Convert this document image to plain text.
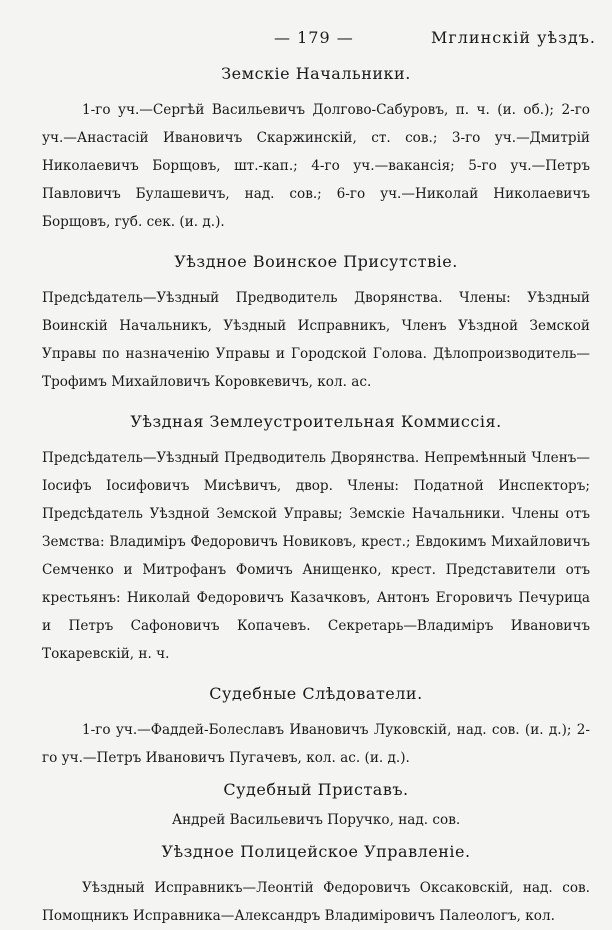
— 179 —	Мглинскій уѣздъ.
Земскіе Начальники.

1-го уч.—Сергѣй Васильевичъ Долгово-Сабуровъ, п. ч. (и. об.); 2-го уч.—Анастасій Ивановичъ Скаржинскій, ст. сов.; 3-го уч.—Дмитрій Николаевичъ Борщовъ, шт.-кап.; 4-го уч.—вакансія; 5-го уч.—Петръ Павловичъ Булашевичъ, над. сов.; 6-го уч.—Николай Николаевичъ Борщовъ, губ. сек. (и. д.).

Уѣздное Воинское Присутствіе.

Предсѣдатель—Уѣздный Предводитель Дворянства. Члены: Уѣздный Воинскій Начальникъ, Уѣздный Исправникъ, Членъ Уѣздной Земской Управы по назначенію Управы и Городской Голова. Дѣлопроизводитель—Трофимъ Михайловичъ Коровкевичъ, кол. ас.

Уѣздная Землеустроительная Коммиссія.

Предсѣдатель—Уѣздный Предводитель Дворянства. Непремѣнный Членъ—Іосифъ Іосифовичъ Мисѣвичъ, двор. Члены: Податной Инспекторъ; Предсѣдатель Уѣздной Земской Управы; Земскіе Начальники. Члены отъ Земства: Владиміръ Федоровичъ Новиковъ, крест.; Евдокимъ Михайловичъ Семченко и Митрофанъ Фомичъ Анищенко, крест. Представители отъ крестьянъ: Николай Федоровичъ Казачковъ, Антонъ Егоровичъ Печурица и Петръ Сафоновичъ Копачевъ. Секретарь—Владиміръ Ивановичъ Токаревскій, н. ч.

Судебные Слѣдователи.

1-го уч.—Фаддей-Болеславъ Ивановичъ Луковскій, над. сов. (и. д.); 2-го уч.—Петръ Ивановичъ Пугачевъ, кол. ас. (и. д.).

Судебный Приставъ.

Андрей Васильевичъ Поручко, над. сов.

Уѣздное Полицейское Управленіе.

Уѣздный Исправникъ—Леонтій Федоровичъ Оксаковскій, над. сов. Помощникъ Исправника—Александръ Владиміровичъ Палеологъ, кол.
